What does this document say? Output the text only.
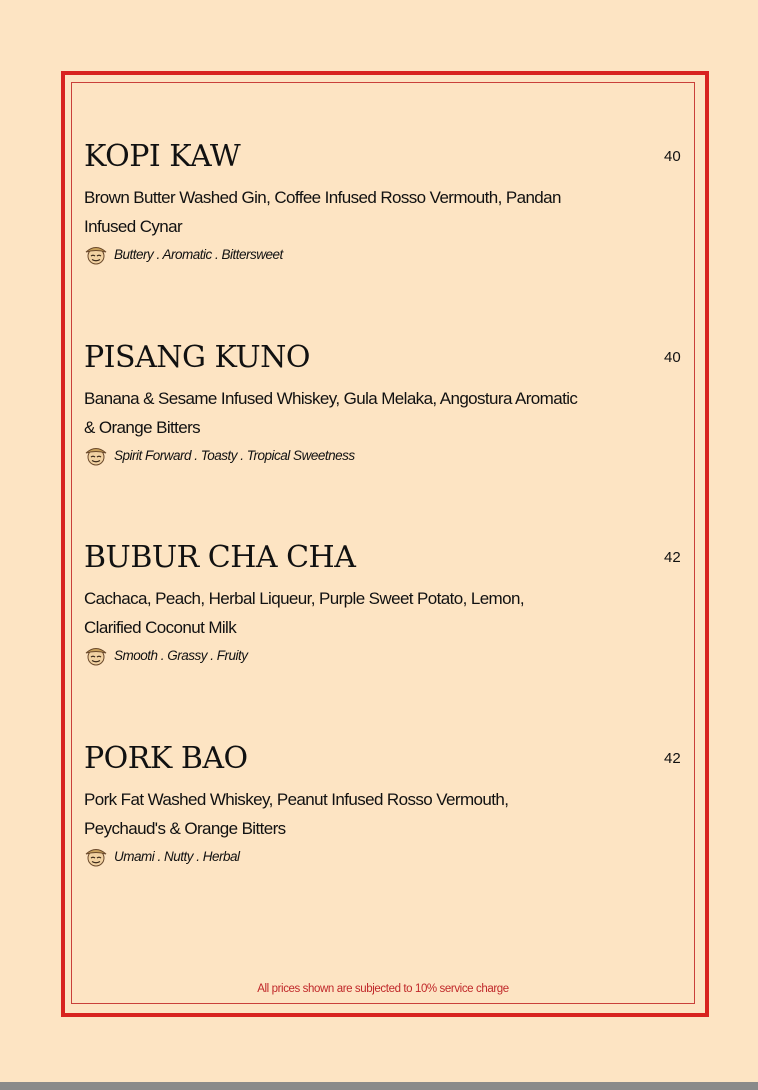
KOPI KAW	40
Brown Butter Washed Gin, Coffee Infused Rosso Vermouth, Pandan Infused Cynar
Buttery . Aromatic . Bittersweet
PISANG KUNO	40
Banana & Sesame Infused Whiskey, Gula Melaka, Angostura Aromatic & Orange Bitters
Spirit Forward . Toasty . Tropical Sweetness
BUBUR CHA CHA	42
Cachaca, Peach, Herbal Liqueur, Purple Sweet Potato, Lemon, Clarified Coconut Milk
Smooth . Grassy . Fruity
PORK BAO	42
Pork Fat Washed Whiskey, Peanut Infused Rosso Vermouth, Peychaud's & Orange Bitters
Umami . Nutty . Herbal
All prices shown are subjected to 10% service charge
